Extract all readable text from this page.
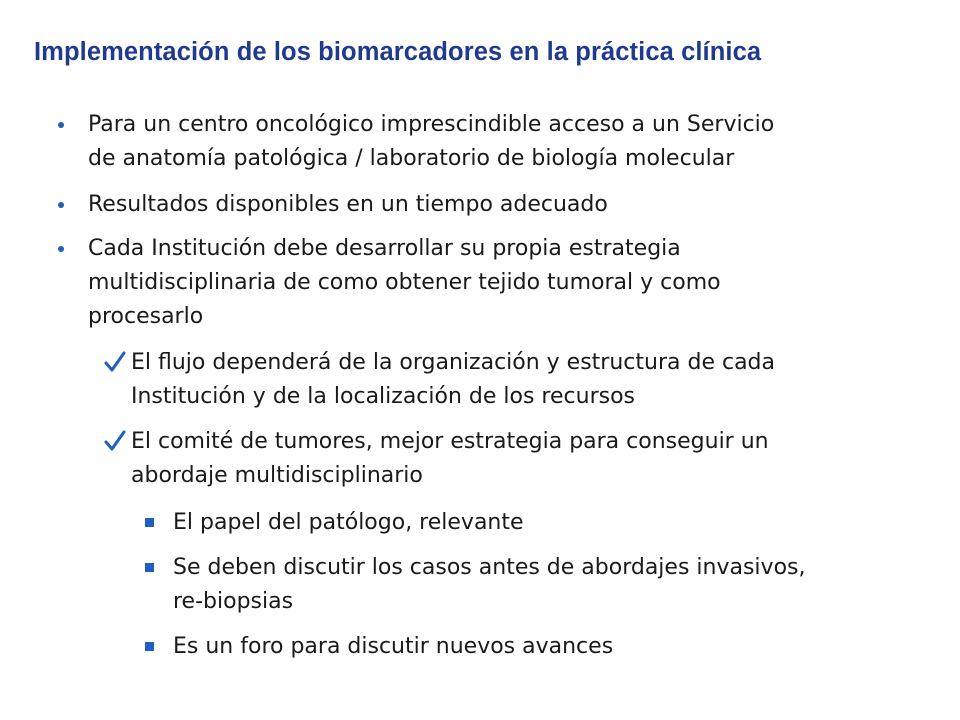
Implementación de los biomarcadores en la práctica clínica
Para un centro oncológico imprescindible acceso a un Servicio
de anatomía patológica / laboratorio de biología molecular
Resultados disponibles en un tiempo adecuado
Cada Institución debe desarrollar su propia estrategia
multidisciplinaria de como obtener tejido tumoral y como
procesarlo
El flujo dependerá de la organización y estructura de cada
Institución y de la localización de los recursos
El comité de tumores, mejor estrategia para conseguir un
abordaje multidisciplinario
El papel del patólogo, relevante
Se deben discutir los casos antes de abordajes invasivos,
re-biopsias
Es un foro para discutir nuevos avances
